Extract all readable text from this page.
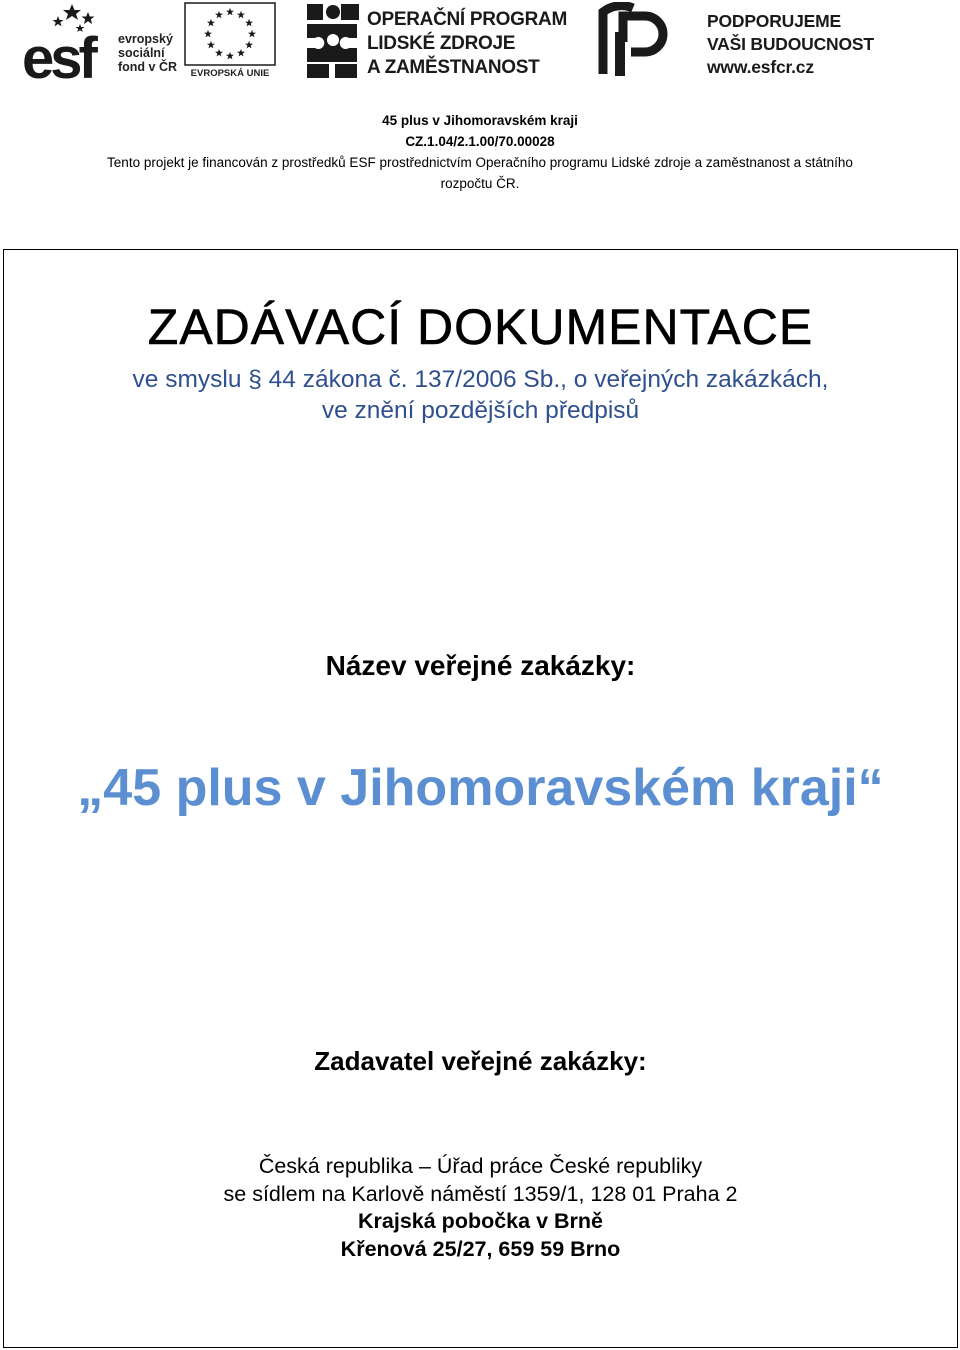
esf	evropský
sociální
fond v ČR	EVROPSKÁ UNIE
OPERAČNÍ PROGRAM
LIDSKÉ ZDROJE
A ZAMĚSTNANOST
PODPORUJEME
VAŠI BUDOUCNOST
www.esfcr.cz
45 plus v Jihomoravském kraji
CZ.1.04/2.1.00/70.00028
Tento projekt je financován z prostředků ESF prostřednictvím Operačního programu Lidské zdroje a zaměstnanost a státního
rozpočtu ČR.
ZADÁVACÍ DOKUMENTACE
ve smyslu § 44 zákona č. 137/2006 Sb., o veřejných zakázkách,
ve znění pozdějších předpisů
Název veřejné zakázky:
„45 plus v Jihomoravském kraji“
Zadavatel veřejné zakázky:
Česká republika – Úřad práce České republiky
se sídlem na Karlově náměstí 1359/1, 128 01 Praha 2
Krajská pobočka v Brně
Křenová 25/27, 659 59 Brno
